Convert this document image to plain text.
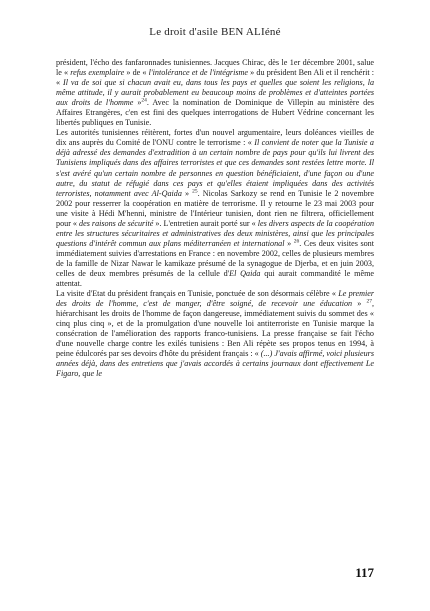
Le droit d'asile BEN ALIéné

président, l'écho des fanfaronnades tunisiennes. Jacques Chirac, dès le 1er décembre 2001, salue le « refus exemplaire » de « l'intolérance et de l'intégrisme » du président Ben Ali et il renchérit : « Il va de soi que si chacun avait eu, dans tous les pays et quelles que soient les religions, la même attitude, il y aurait probablement eu beaucoup moins de problèmes et d'atteintes portées aux droits de l'homme »$^{24}$. Avec la nomination de Dominique de Villepin au ministère des Affaires Etrangères, c'en est fini des quelques interrogations de Hubert Védrine concernant les libertés publiques en Tunisie.

Les autorités tunisiennes réitèrent, fortes d'un nouvel argumentaire, leurs doléances vieilles de dix ans auprès du Comité de l'ONU contre le terrorisme : « Il convient de noter que la Tunisie a déjà adressé des demandes d'extradition à un certain nombre de pays pour qu'ils lui livrent des Tunisiens impliqués dans des affaires terroristes et que ces demandes sont restées lettre morte. Il s'est avéré qu'un certain nombre de personnes en question bénéficiaient, d'une façon ou d'une autre, du statut de réfugié dans ces pays et qu'elles étaient impliquées dans des activités terroristes, notamment avec Al-Qaida » $^{25}$. Nicolas Sarkozy se rend en Tunisie le 2 novembre 2002 pour resserrer la coopération en matière de terrorisme. Il y retourne le 23 mai 2003 pour une visite à Hédi M'henni, ministre de l'Intérieur tunisien, dont rien ne filtrera, officiellement pour « des raisons de sécurité ». L'entretien aurait porté sur « les divers aspects de la coopération entre les structures sécuritaires et administratives des deux ministères, ainsi que les principales questions d'intérêt commun aux plans méditerranéen et international » $^{26}$. Ces deux visites sont immédiatement suivies d'arrestations en France : en novembre 2002, celles de plusieurs membres de la famille de Nizar Nawar le kamikaze présumé de la synagogue de Djerba, et en juin 2003, celles de deux membres présumés de la cellule d'El Qaida qui aurait commandité le même attentat.

La visite d'Etat du président français en Tunisie, ponctuée de son désormais célèbre « Le premier des droits de l'homme, c'est de manger, d'être soigné, de recevoir une éducation » $^{27}$, hiérarchisant les droits de l'homme de façon dangereuse, immédiatement suivis du sommet des « cinq plus cinq », et de la promulgation d'une nouvelle loi antiterroriste en Tunisie marque la consécration de l'amélioration des rapports franco-tunisiens. La presse française se fait l'écho d'une nouvelle charge contre les exilés tunisiens : Ben Ali répète ses propos tenus en 1994, à peine édulcorés par ses devoirs d'hôte du président français : « (...) J'avais affirmé, voici plusieurs années déjà, dans des entretiens que j'avais accordés à certains journaux dont effectivement Le Figaro, que le

117
